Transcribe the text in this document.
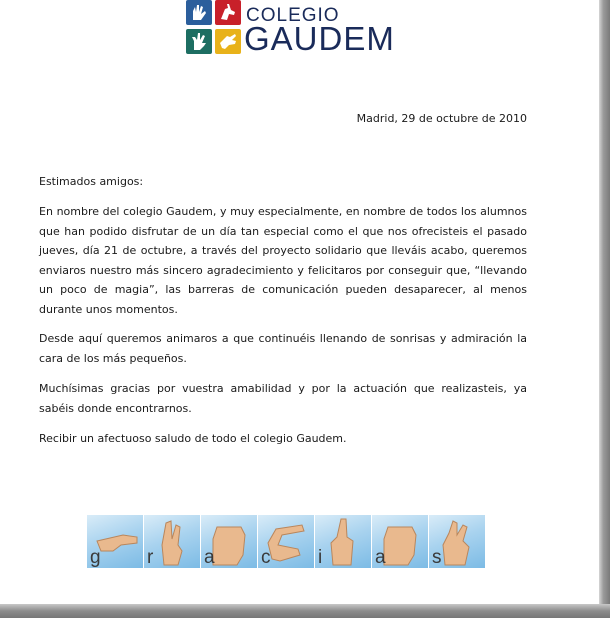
COLEGIO
GAUDEM
Madrid, 29 de octubre de 2010

Estimados amigos:

En nombre del colegio Gaudem, y muy especialmente, en nombre de todos los alumnos que han podido disfrutar de un día tan especial como el que nos ofrecisteis el pasado jueves, día 21 de octubre, a través del proyecto solidario que lleváis acabo, queremos enviaros nuestro más sincero agradecimiento y felicitaros por conseguir que, “llevando un poco de magia”, las barreras de comunicación pueden desaparecer, al menos durante unos momentos.

Desde aquí queremos animaros a que continuéis llenando de sonrisas y admiración la cara de los más pequeños.

Muchísimas gracias por vuestra amabilidad y por la actuación que realizasteis, ya sabéis donde encontrarnos.

Recibir un afectuoso saludo de todo el colegio Gaudem.

g r	a c	i	a s
